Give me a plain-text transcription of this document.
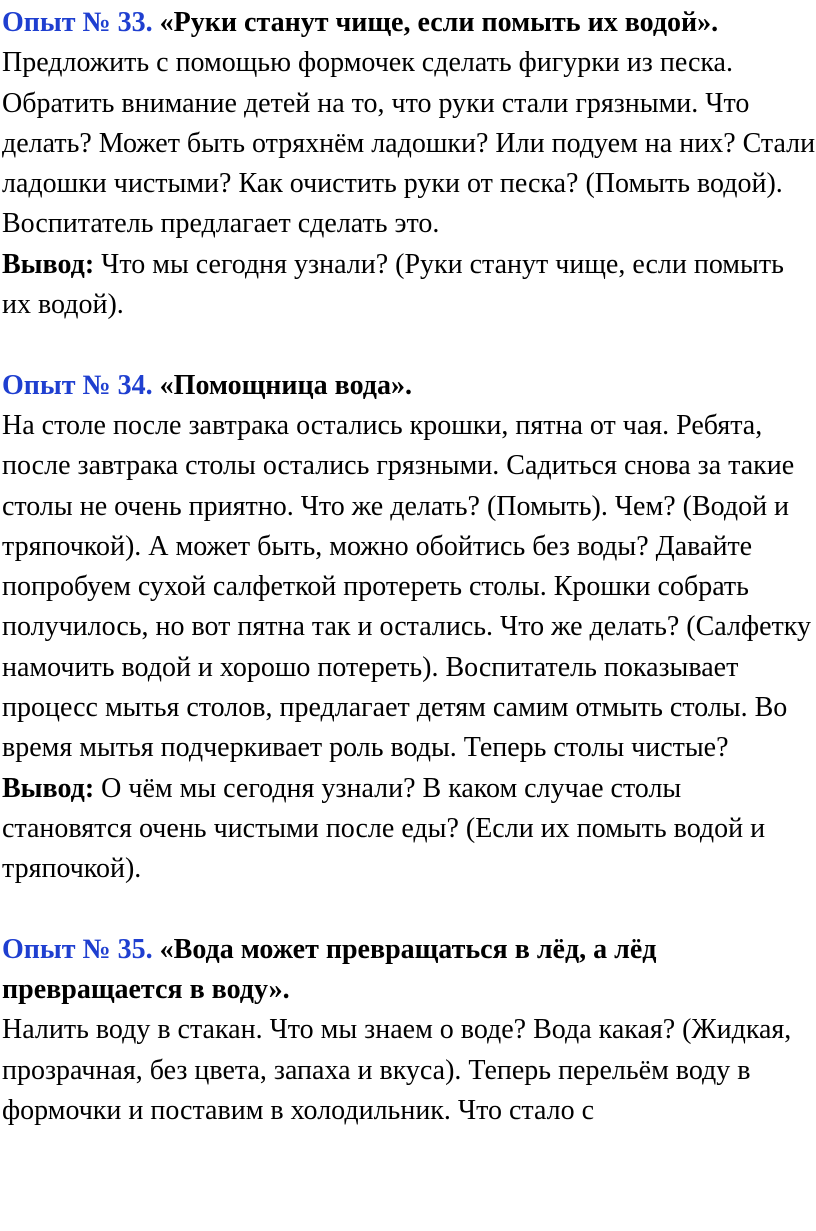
Опыт № 33. «Руки станут чище, если помыть их водой».

Предложить с помощью формочек сделать фигурки из песка. Обратить внимание детей на то, что руки стали грязными. Что делать? Может быть отряхнём ладошки? Или подуем на них? Стали ладошки чистыми? Как очистить руки от песка? (Помыть водой). Воспитатель предлагает сделать это.

Вывод: Что мы сегодня узнали? (Руки станут чище, если помыть их водой).

Опыт № 34. «Помощница вода».

На столе после завтрака остались крошки, пятна от чая. Ребята, после завтрака столы остались грязными. Садиться снова за такие столы не очень приятно. Что же делать? (Помыть). Чем? (Водой и тряпочкой). А может быть, можно обойтись без воды? Давайте попробуем сухой салфеткой протереть столы. Крошки собрать получилось, но вот пятна так и остались. Что же делать? (Салфетку намочить водой и хорошо потереть). Воспитатель показывает процесс мытья столов, предлагает детям самим отмыть столы. Во время мытья подчеркивает роль воды. Теперь столы чистые?

Вывод: О чём мы сегодня узнали? В каком случае столы становятся очень чистыми после еды? (Если их помыть водой и тряпочкой).

Опыт № 35. «Вода может превращаться в лёд, а лёд превращается в воду».

Налить воду в стакан. Что мы знаем о воде? Вода какая? (Жидкая, прозрачная, без цвета, запаха и вкуса). Теперь перельём воду в формочки и поставим в холодильник. Что стало с
